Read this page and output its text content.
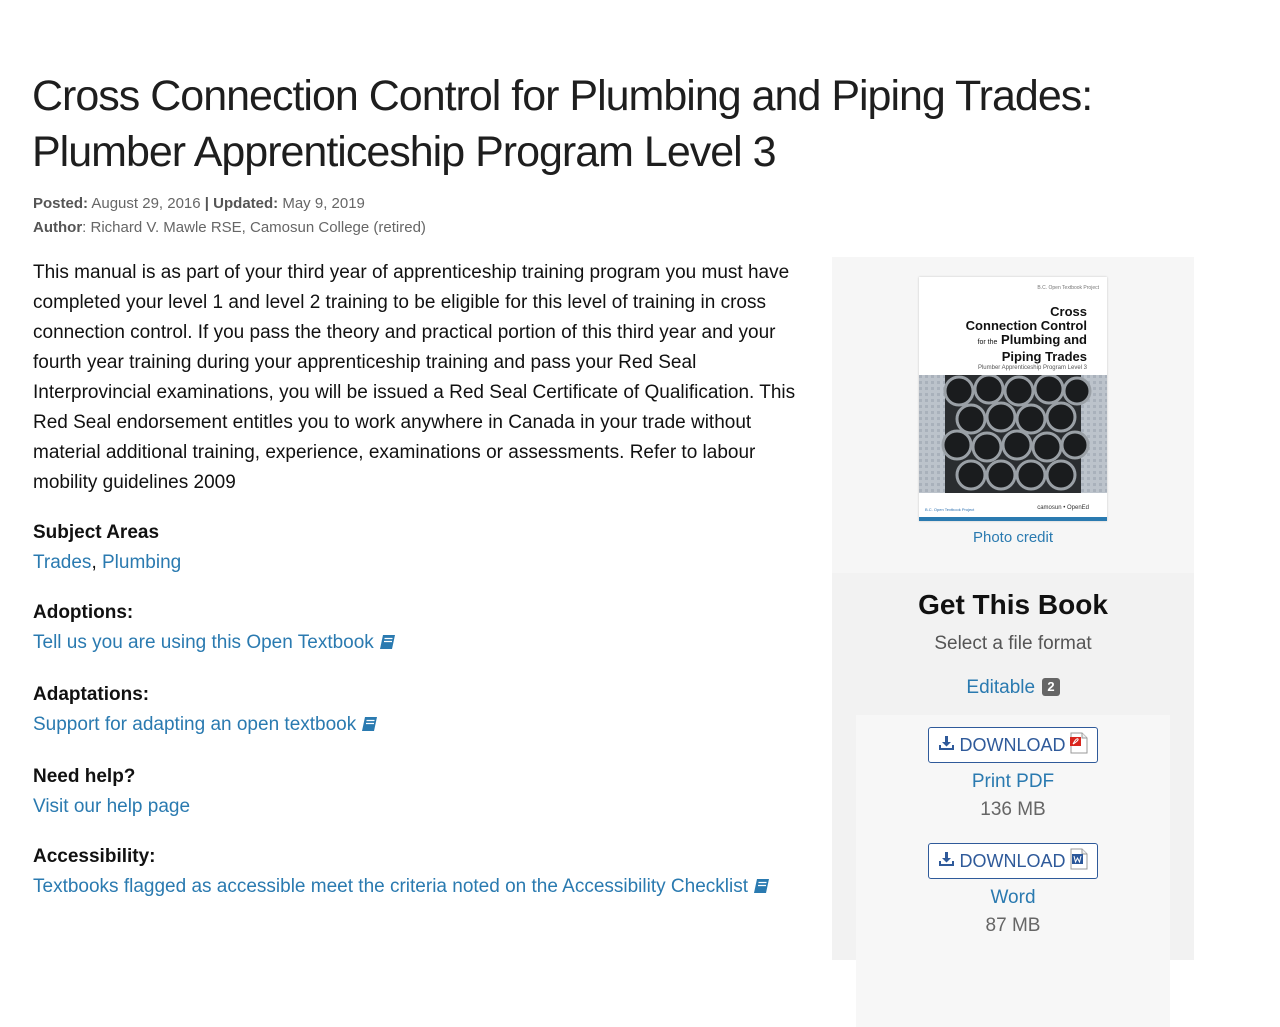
Cross Connection Control for Plumbing and Piping Trades: Plumber Apprenticeship Program Level 3
Posted: August 29, 2016 | Updated: May 9, 2019
Author: Richard V. Mawle RSE, Camosun College (retired)

This manual is as part of your third year of apprenticeship training program you must have completed your level 1 and level 2 training to be eligible for this level of training in cross connection control. If you pass the theory and practical portion of this third year and your fourth year training during your apprenticeship training and pass your Red Seal Interprovincial examinations, you will be issued a Red Seal Certificate of Qualification. This Red Seal endorsement entitles you to work anywhere in Canada in your trade without material additional training, experience, examinations or assessments. Refer to labour mobility guidelines 2009

Subject Areas
Trades, Plumbing
Adoptions:
Tell us you are using this Open Textbook
Adaptations:
Support for adapting an open textbook
Need help?
Visit our help page
Accessibility:
Textbooks flagged as accessible meet the criteria noted on the Accessibility Checklist
B.C. Open Textbook Project
Cross
Connection Control
for the Plumbing and
Piping Trades
Plumber Apprenticeship Program Level 3
B.C. Open Textbook Project	camosun • OpenEd
Photo credit
Get This Book
Select a file format
Editable 2
DOWNLOAD
Print PDF
136 MB
DOWNLOAD
Word
87 MB
